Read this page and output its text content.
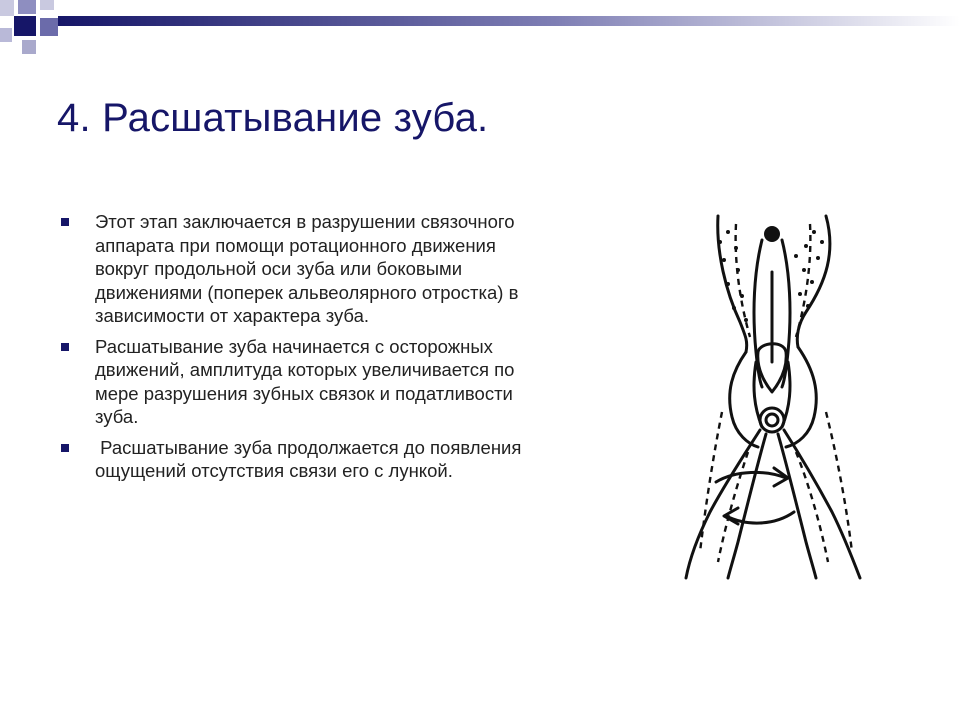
4. Расшатывание зуба.
Этот этап заключается в разрушении связочного аппарата при помощи ротационного движения вокруг продольной оси зуба или боковыми движениями (поперек альвеолярного отростка) в зависимости от характера зуба.
Расшатывание зуба начинается с осторожных движений, амплитуда которых увеличивается по мере разрушения зубных связок и податливости зуба.
Расшатывание зуба продолжается до появления ощущений отсутствия связи его с лункой.
